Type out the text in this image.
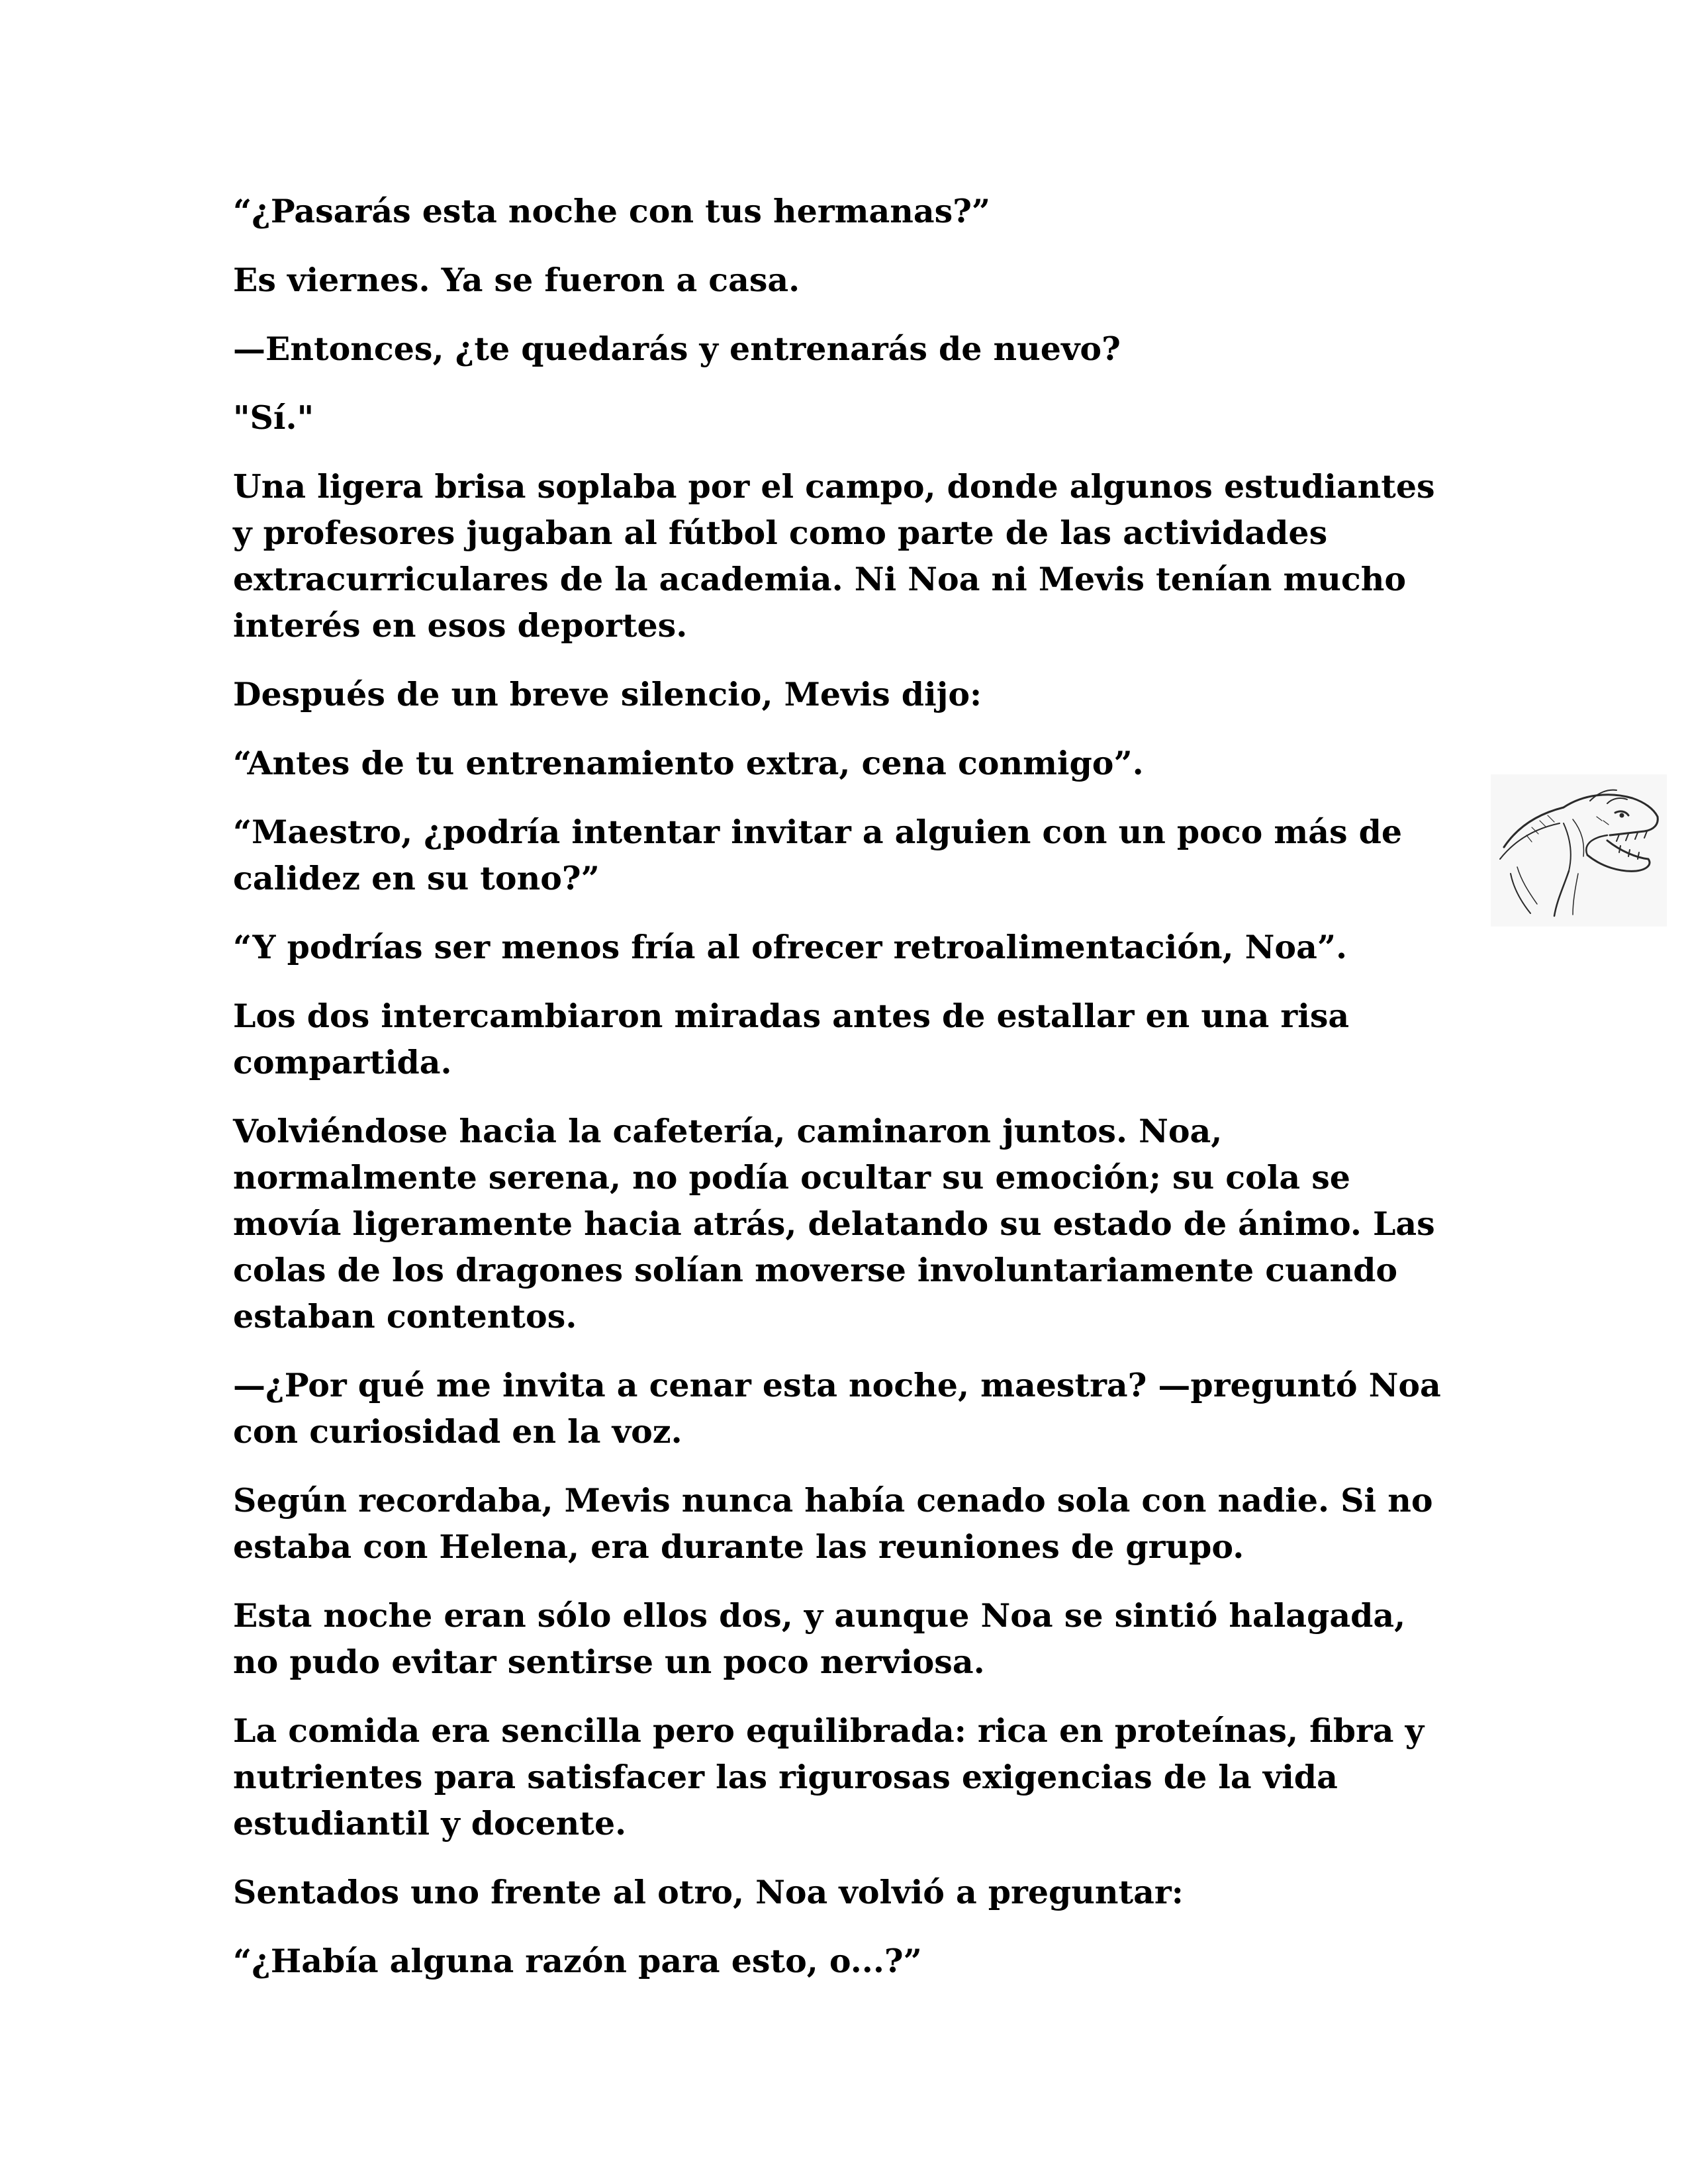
“¿Pasarás esta noche con tus hermanas?”

Es viernes. Ya se fueron a casa.

—Entonces, ¿te quedarás y entrenarás de nuevo?

"Sí."

Una ligera brisa soplaba por el campo, donde algunos estudiantes y profesores jugaban al fútbol como parte de las actividades extracurriculares de la academia. Ni Noa ni Mevis tenían mucho interés en esos deportes.

Después de un breve silencio, Mevis dijo:

“Antes de tu entrenamiento extra, cena conmigo”.

“Maestro, ¿podría intentar invitar a alguien con un poco más de calidez en su tono?”

“Y podrías ser menos fría al ofrecer retroalimentación, Noa”.

Los dos intercambiaron miradas antes de estallar en una risa compartida.

Volviéndose hacia la cafetería, caminaron juntos. Noa, normalmente serena, no podía ocultar su emoción; su cola se movía ligeramente hacia atrás, delatando su estado de ánimo. Las colas de los dragones solían moverse involuntariamente cuando estaban contentos.

—¿Por qué me invita a cenar esta noche, maestra? —preguntó Noa con curiosidad en la voz.

Según recordaba, Mevis nunca había cenado sola con nadie. Si no estaba con Helena, era durante las reuniones de grupo.

Esta noche eran sólo ellos dos, y aunque Noa se sintió halagada, no pudo evitar sentirse un poco nerviosa.

La comida era sencilla pero equilibrada: rica en proteínas, fibra y nutrientes para satisfacer las rigurosas exigencias de la vida estudiantil y docente.

Sentados uno frente al otro, Noa volvió a preguntar:

“¿Había alguna razón para esto, o...?”
